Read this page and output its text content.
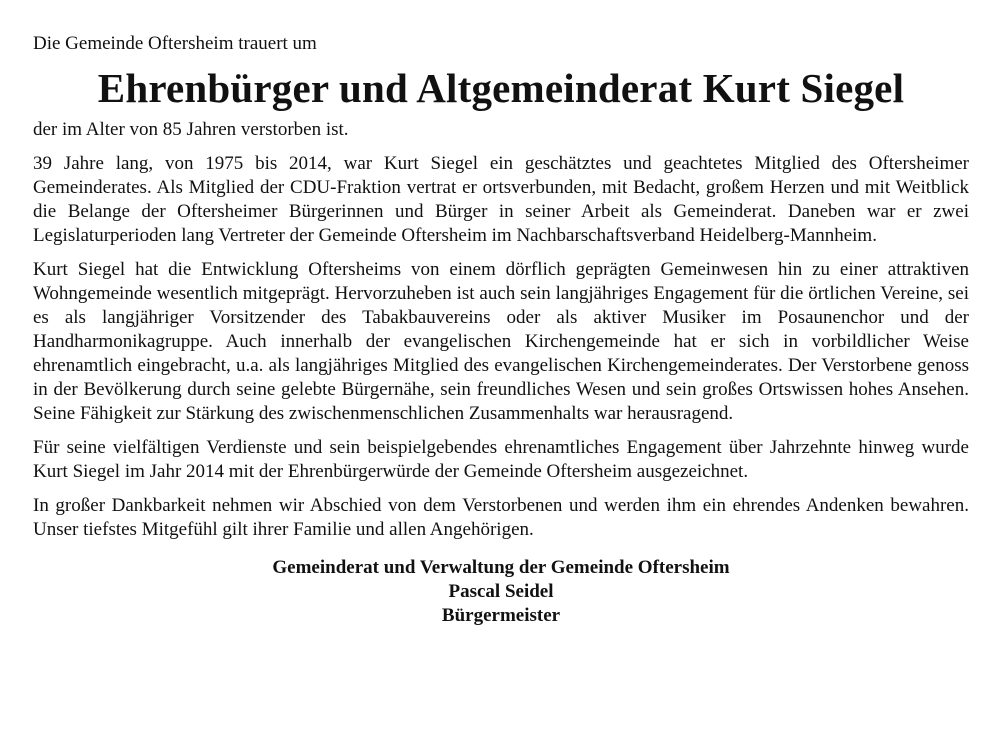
Die Gemeinde Oftersheim trauert um

Ehrenbürger und Altgemeinderat Kurt Siegel

der im Alter von 85 Jahren verstorben ist.

39 Jahre lang, von 1975 bis 2014, war Kurt Siegel ein geschätztes und geachtetes Mitglied des Oftersheimer Gemeinderates. Als Mitglied der CDU-Fraktion vertrat er ortsverbunden, mit Bedacht, großem Herzen und mit Weitblick die Belange der Oftersheimer Bürgerinnen und Bürger in seiner Arbeit als Gemeinderat. Daneben war er zwei Legislaturperioden lang Vertreter der Gemeinde Oftersheim im Nachbarschaftsverband Heidelberg-Mannheim.

Kurt Siegel hat die Entwicklung Oftersheims von einem dörflich geprägten Gemeinwesen hin zu einer attraktiven Wohngemeinde wesentlich mitgeprägt. Hervorzuheben ist auch sein langjähriges Engagement für die örtlichen Vereine, sei es als langjähriger Vorsitzender des Tabakbauvereins oder als aktiver Musiker im Posaunenchor und der Handharmonikagruppe. Auch innerhalb der evangelischen Kirchengemeinde hat er sich in vorbildlicher Weise ehrenamtlich eingebracht, u.a. als langjähriges Mitglied des evangelischen Kirchengemeinderates. Der Verstorbene genoss in der Bevölkerung durch seine gelebte Bürgernähe, sein freundliches Wesen und sein großes Ortswissen hohes Ansehen. Seine Fähigkeit zur Stärkung des zwischenmenschlichen Zusammenhalts war herausragend.

Für seine vielfältigen Verdienste und sein beispielgebendes ehrenamtliches Engagement über Jahrzehnte hinweg wurde Kurt Siegel im Jahr 2014 mit der Ehrenbürgerwürde der Gemeinde Oftersheim ausgezeichnet.

In großer Dankbarkeit nehmen wir Abschied von dem Verstorbenen und werden ihm ein ehrendes Andenken bewahren. Unser tiefstes Mitgefühl gilt ihrer Familie und allen Angehörigen.

Gemeinderat und Verwaltung der Gemeinde Oftersheim
Pascal Seidel
Bürgermeister
